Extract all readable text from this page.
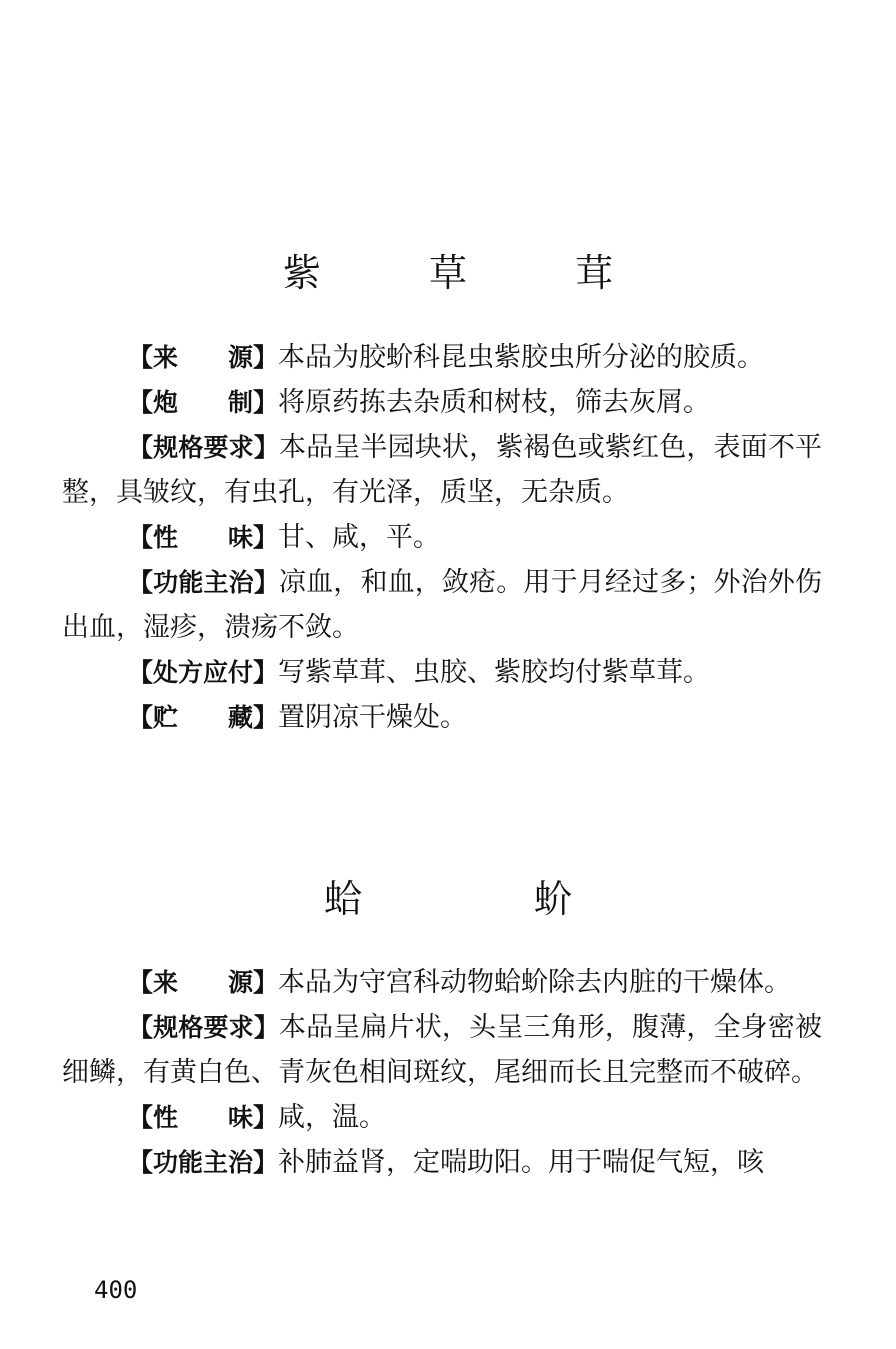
紫 草 茸

【来　　源】本品为胶蚧科昆虫紫胶虫所分泌的胶质。

【炮　　制】将原药拣去杂质和树枝，筛去灰屑。

【规格要求】本品呈半园块状，紫褐色或紫红色，表面不平整，具皱纹，有虫孔，有光泽，质坚，无杂质。

【性　　味】甘、咸，平。

【功能主治】凉血，和血，敛疮。用于月经过多；外治外伤出血，湿疹，溃疡不敛。

【处方应付】写紫草茸、虫胶、紫胶均付紫草茸。

【贮　　藏】置阴凉干燥处。

蛤 蚧

【来　　源】本品为守宫科动物蛤蚧除去内脏的干燥体。

【规格要求】本品呈扁片状，头呈三角形，腹薄，全身密被细鳞，有黄白色、青灰色相间斑纹，尾细而长且完整而不破碎。

【性　　味】咸，温。

【功能主治】补肺益肾，定喘助阳。用于喘促气短，咳

400
